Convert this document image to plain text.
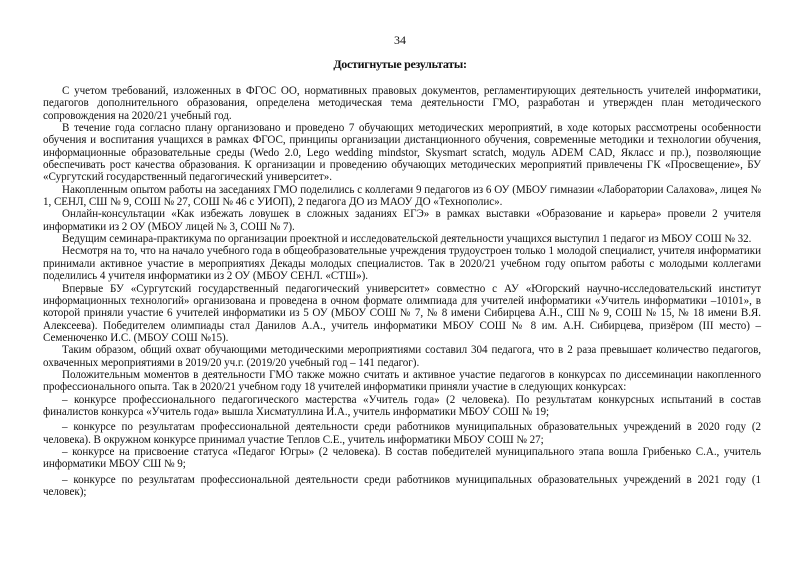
34
Достигнутые результаты:

С учетом требований, изложенных в ФГОС ОО, нормативных правовых документов, регламентирующих деятельность учителей информатики, педагогов дополнительного образования, определена методическая тема деятельности ГМО, разработан и утвержден план методического сопровождения на 2020/21 учебный год.

В течение года согласно плану организовано и проведено 7 обучающих методических мероприятий, в ходе которых рассмотрены особенности обучения и воспитания учащихся в рамках ФГОС, принципы организации дистанционного обучения, современные методики и технологии обучения, информационные образовательные среды (Wedo 2.0, Lego wedding mindstor, Skysmart scratch, модуль ADEM CAD, Якласс и пр.), позволяющие обеспечивать рост качества образования. К организации и проведению обучающих методических мероприятий привлечены ГК «Просвещение», БУ «Сургутский государственный педагогический университет».

Накопленным опытом работы на заседаниях ГМО поделились с коллегами 9 педагогов из 6 ОУ (МБОУ гимназии «Лаборатории Салахова», лицея № 1, СЕНЛ, СШ № 9, СОШ № 27, СОШ № 46 с УИОП), 2 педагога ДО из МАОУ ДО «Технополис».

Онлайн-консультации «Как избежать ловушек в сложных заданиях ЕГЭ» в рамках выставки «Образование и карьера» провели 2 учителя информатики из 2 ОУ (МБОУ лицей № 3, СОШ № 7).

Ведущим семинара-практикума по организации проектной и исследовательской деятельности учащихся выступил 1 педагог из МБОУ СОШ № 32.

Несмотря на то, что на начало учебного года в общеобразовательные учреждения трудоустроен только 1 молодой специалист, учителя информатики принимали активное участие в мероприятиях Декады молодых специалистов. Так в 2020/21 учебном году опытом работы с молодыми коллегами поделились 4 учителя информатики из 2 ОУ (МБОУ СЕНЛ. «СТШ»).

Впервые БУ «Сургутский государственный педагогический университет» совместно с АУ «Югорский научно-исследовательский институт информационных технологий» организована и проведена в очном формате олимпиада для учителей информатики «Учитель информатики –10101», в которой приняли участие 6 учителей информатики из 5 ОУ (МБОУ СОШ № 7, № 8 имени Сибирцева А.Н., СШ № 9, СОШ № 15, № 18 имени В.Я. Алексеева). Победителем олимпиады стал Данилов А.А., учитель информатики МБОУ СОШ № 8 им. А.Н. Сибирцева, призёром (III место) – Семенюченко И.С. (МБОУ СОШ №15).

Таким образом, общий охват обучающими методическими мероприятиями составил 304 педагога, что в 2 раза превышает количество педагогов, охваченных мероприятиями в 2019/20 уч.г. (2019/20 учебный год – 141 педагог).

Положительным моментов в деятельности ГМО также можно считать и активное участие педагогов в конкурсах по диссеминации накопленного профессионального опыта. Так в 2020/21 учебном году 18 учителей информатики приняли участие в следующих конкурсах:

– конкурсе профессионального педагогического мастерства «Учитель года» (2 человека). По результатам конкурсных испытаний в состав финалистов конкурса «Учитель года» вышла Хисматуллина И.А., учитель информатики МБОУ СОШ № 19;

– конкурсе по результатам профессиональной деятельности среди работников муниципальных образовательных учреждений в 2020 году (2 человека). В окружном конкурсе принимал участие Теплов С.Е., учитель информатики МБОУ СОШ № 27;

– конкурсе на присвоение статуса «Педагог Югры» (2 человека). В состав победителей муниципального этапа вошла Грибенько С.А., учитель информатики МБОУ СШ № 9;

– конкурсе по результатам профессиональной деятельности среди работников муниципальных образовательных учреждений в 2021 году (1 человек);
